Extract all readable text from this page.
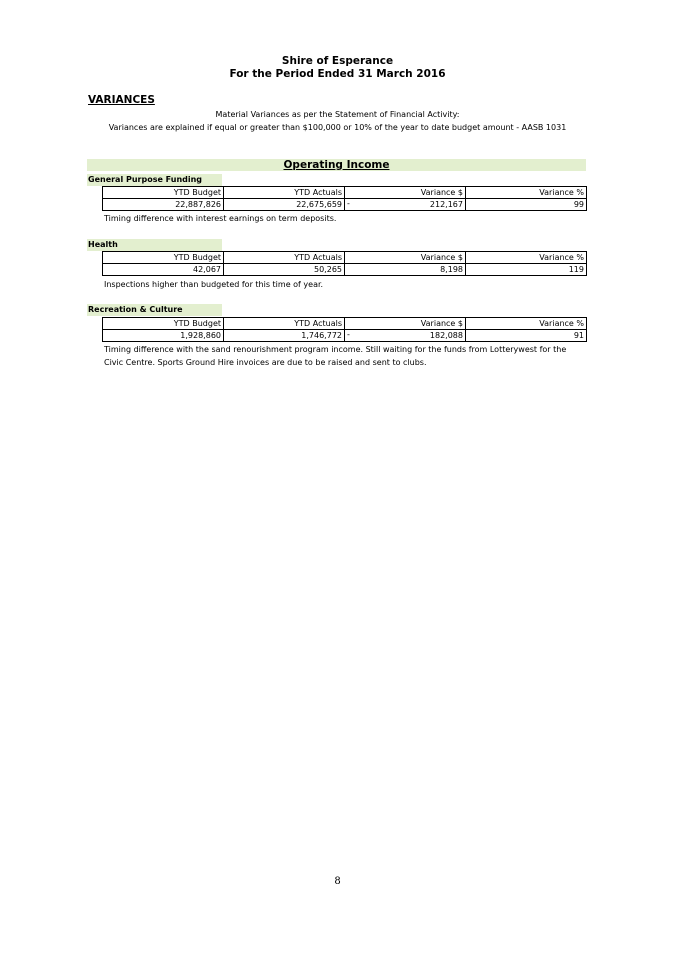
Shire of Esperance
For the Period Ended 31 March 2016
VARIANCES
Material Variances as per the Statement of Financial Activity:
Variances are explained if equal or greater than $100,000 or 10% of the year to date budget amount - AASB 1031
Operating Income
General Purpose Funding
YTD Budget	YTD Actuals	Variance $	Variance %
22,887,826	22,675,659	- 212,167	99
Timing difference with interest earnings on term deposits.
Health
YTD Budget	YTD Actuals	Variance $	Variance %
42,067	50,265	8,198	119
Inspections higher than budgeted for this time of year.
Recreation & Culture
YTD Budget	YTD Actuals	Variance $	Variance %
1,928,860	1,746,772	- 182,088	91
Timing difference with the sand renourishment program income. Still waiting for the funds from Lotterywest for the Civic Centre. Sports Ground Hire invoices are due to be raised and sent to clubs.
8
